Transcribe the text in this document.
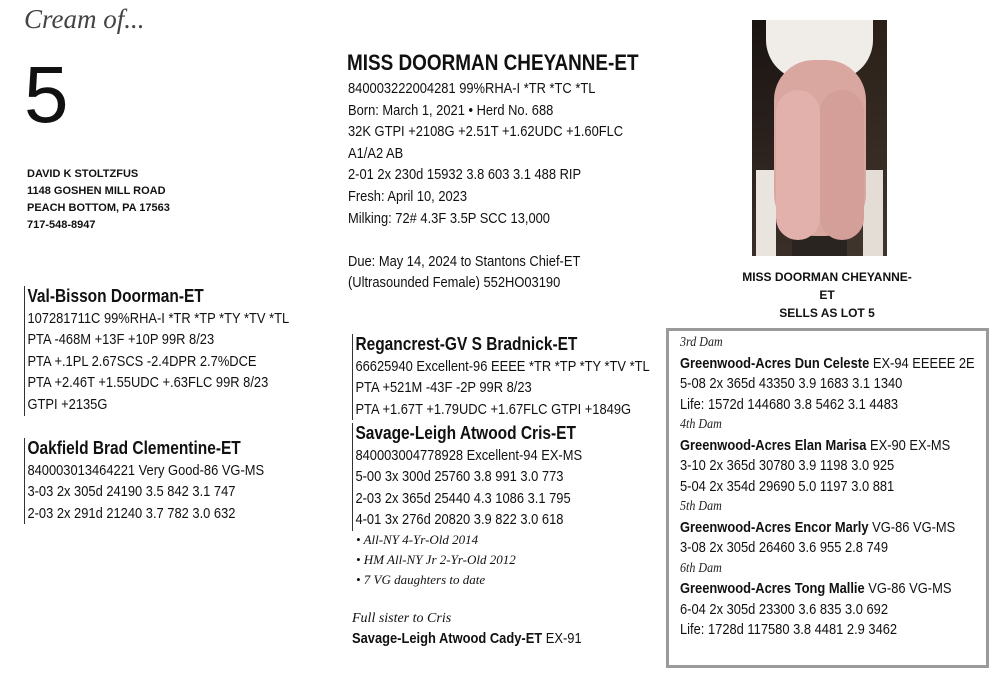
Cream of...
5
DAVID K STOLTZFUS
1148 GOSHEN MILL ROAD
PEACH BOTTOM, PA 17563
717-548-8947
MISS DOORMAN CHEYANNE-ET
840003222004281 99%RHA-I *TR *TC *TL
Born: March 1, 2021 • Herd No. 688
32K GTPI +2108G +2.51T +1.62UDC +1.60FLC
A1/A2 AB
2-01 2x 230d 15932 3.8 603 3.1 488 RIP
Fresh: April 10, 2023
Milking: 72# 4.3F 3.5P SCC 13,000
Due: May 14, 2024 to Stantons Chief-ET
(Ultrasounded Female) 552HO03190	MISS DOORMAN CHEYANNE-ET
SELLS AS LOT 5
Val-Bisson Doorman-ET
107281711C 99%RHA-I *TR *TP *TY *TV *TL
PTA -468M +13F +10P 99R 8/23
PTA +.1PL 2.67SCS -2.4DPR 2.7%DCE
PTA +2.46T +1.55UDC +.63FLC 99R 8/23
GTPI +2135G
Oakfield Brad Clementine-ET
840003013464221 Very Good-86 VG-MS
3-03 2x 305d 24190 3.5 842 3.1 747
2-03 2x 291d 21240 3.7 782 3.0 632
Regancrest-GV S Bradnick-ET
66625940 Excellent-96 EEEE *TR *TP *TY *TV *TL
PTA +521M -43F -2P 99R 8/23
PTA +1.67T +1.79UDC +1.67FLC GTPI +1849G
Savage-Leigh Atwood Cris-ET
840003004778928 Excellent-94 EX-MS
5-00 3x 300d 25760 3.8 991 3.0 773
2-03 2x 365d 25440 4.3 1086 3.1 795
4-01 3x 276d 20820 3.9 822 3.0 618
• All-NY 4-Yr-Old 2014
• HM All-NY Jr 2-Yr-Old 2012
• 7 VG daughters to date
Full sister to Cris
Savage-Leigh Atwood Cady-ET EX-91
3rd Dam
Greenwood-Acres Dun Celeste EX-94 EEEEE 2E
5-08 2x 365d 43350 3.9 1683 3.1 1340
Life: 1572d 144680 3.8 5462 3.1 4483
4th Dam
Greenwood-Acres Elan Marisa EX-90 EX-MS
3-10 2x 365d 30780 3.9 1198 3.0 925
5-04 2x 354d 29690 5.0 1197 3.0 881
5th Dam
Greenwood-Acres Encor Marly VG-86 VG-MS
3-08 2x 305d 26460 3.6 955 2.8 749
6th Dam
Greenwood-Acres Tong Mallie VG-86 VG-MS
6-04 2x 305d 23300 3.6 835 3.0 692
Life: 1728d 117580 3.8 4481 2.9 3462
